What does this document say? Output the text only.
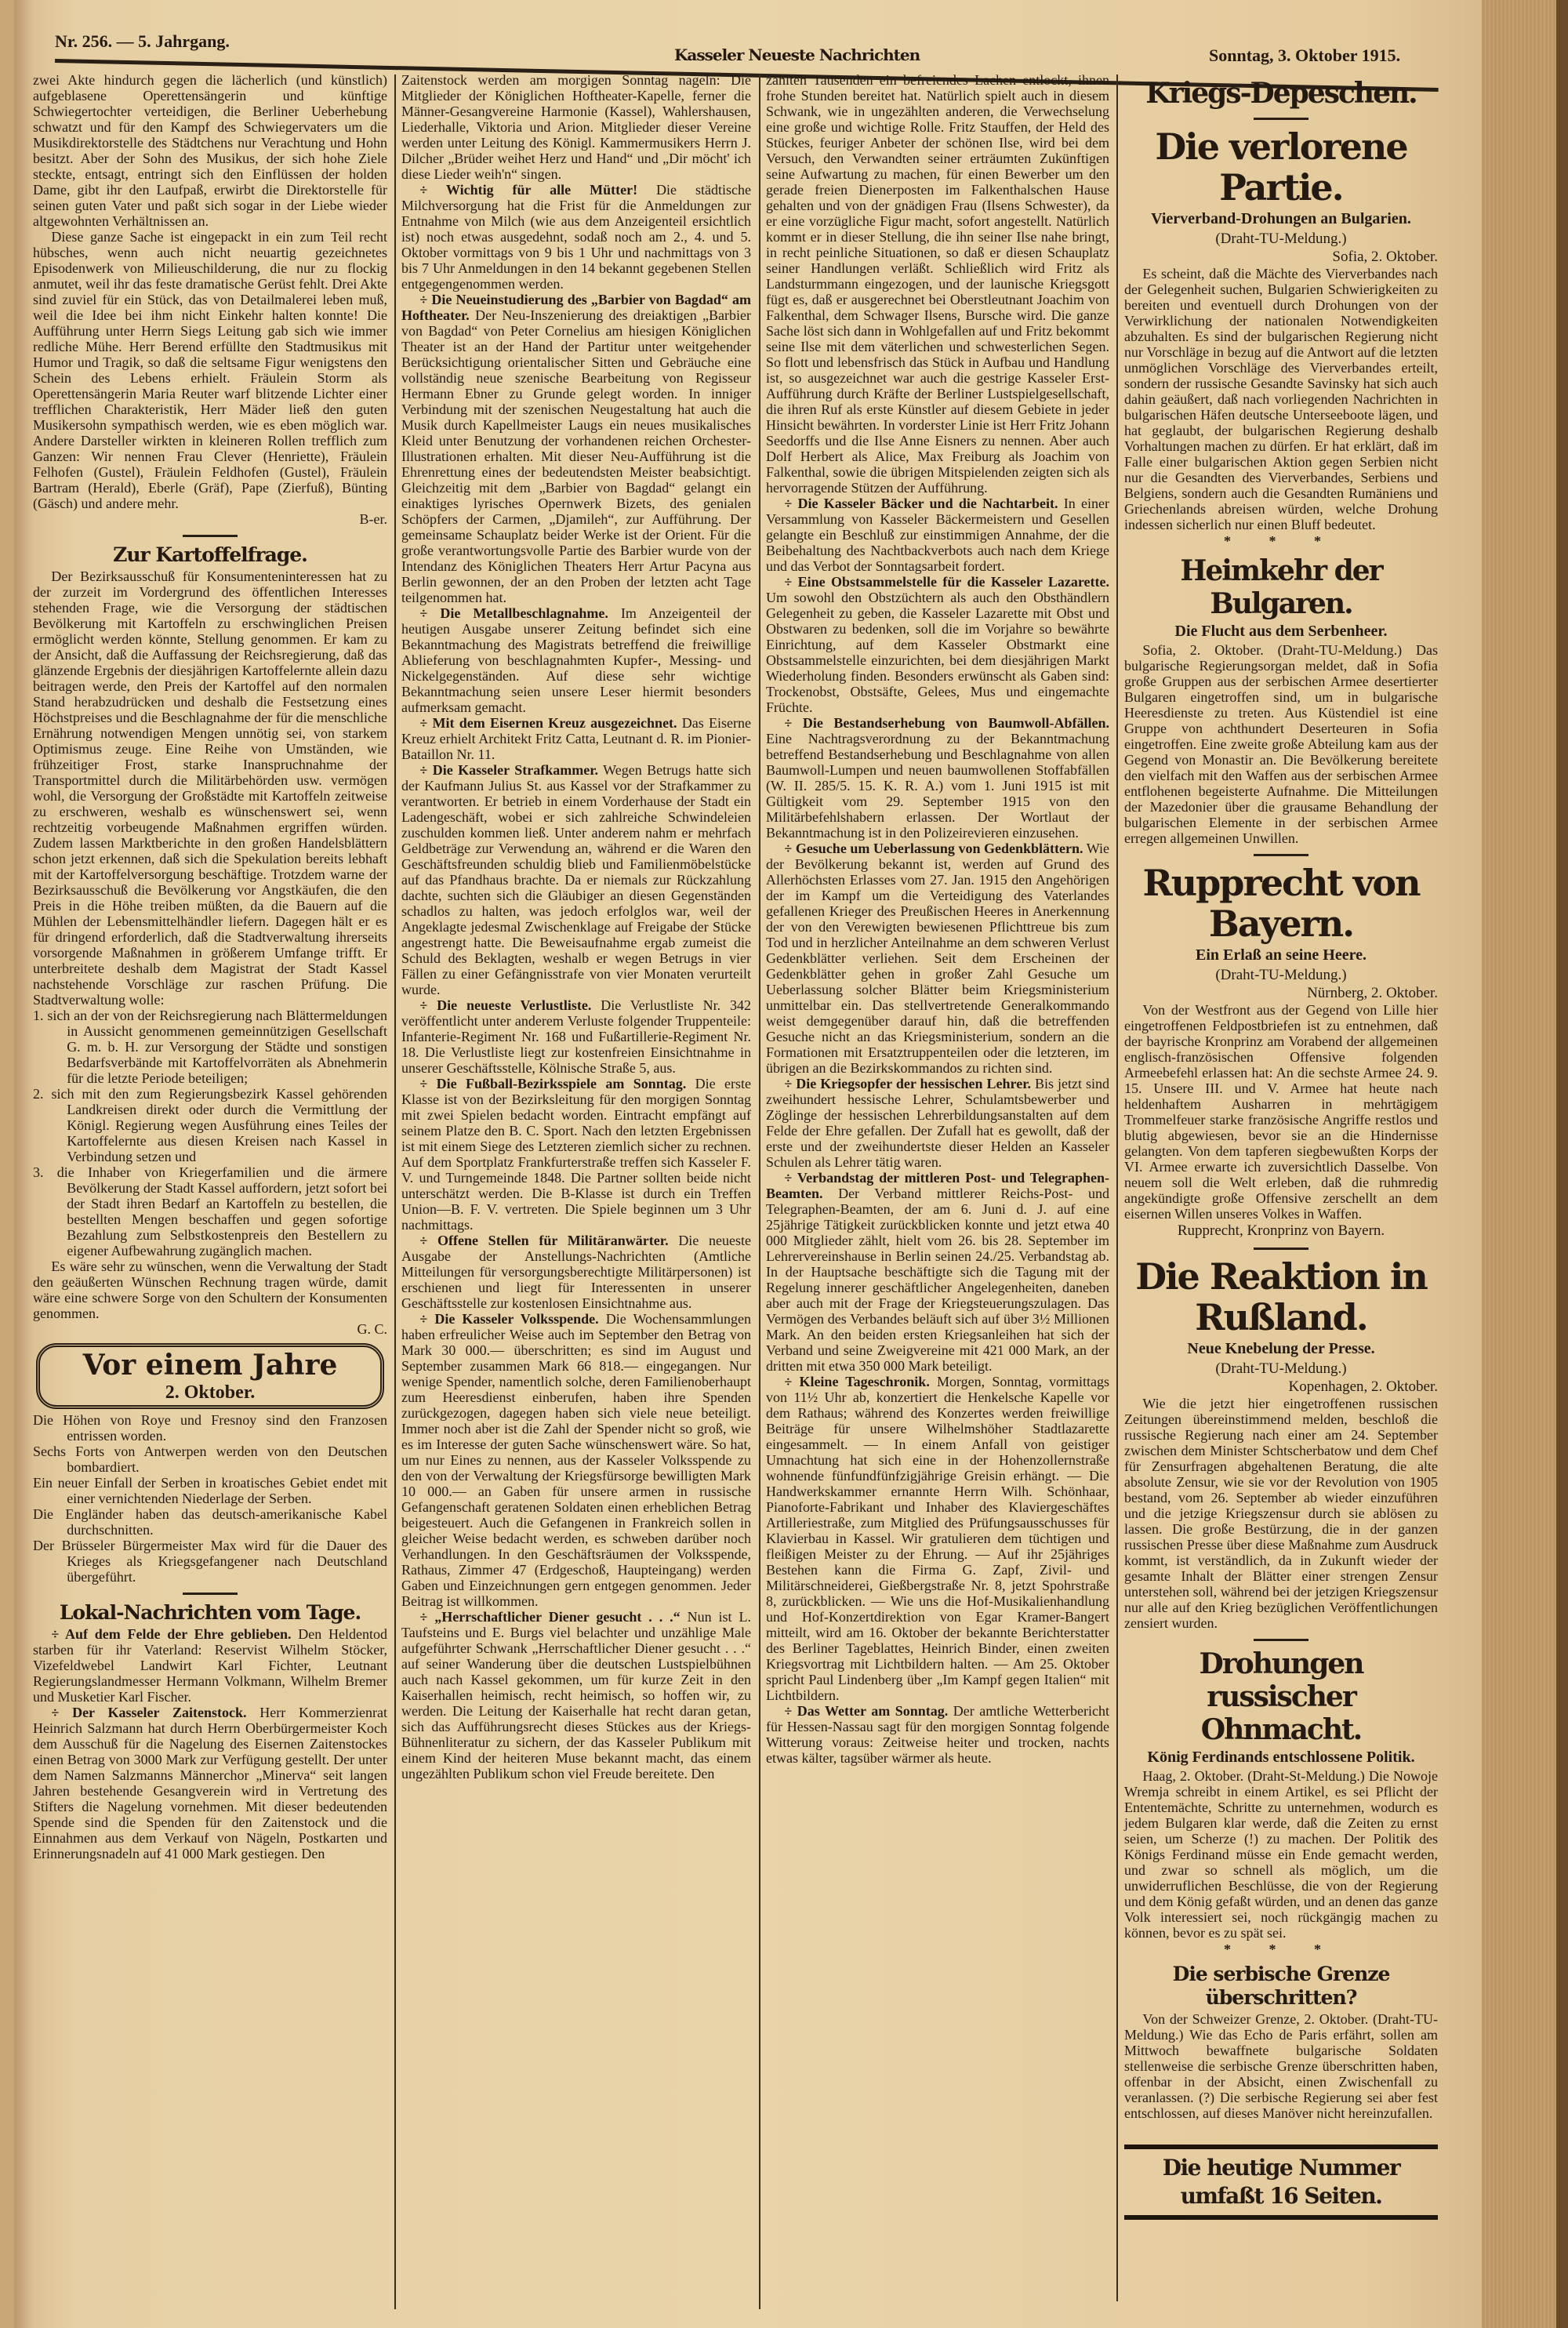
Nr. 256. — 5. Jahrgang.
Kasseler Neueste Nachrichten	Sonntag, 3. Oktober 1915.

zwei Akte hindurch gegen die lächerlich (und künstlich) aufgeblasene Operettensängerin und künftige Schwiegertochter verteidigen, die Berliner Ueberhebung schwatzt und für den Kampf des Schwiegervaters um die Musikdirektorstelle des Städtchens nur Verachtung und Hohn besitzt. Aber der Sohn des Musikus, der sich hohe Ziele steckte, entsagt, entringt sich den Einflüssen der holden Dame, gibt ihr den Laufpaß, erwirbt die Direktorstelle für seinen guten Vater und paßt sich sogar in der Liebe wieder altgewohnten Verhältnissen an.

Diese ganze Sache ist eingepackt in ein zum Teil recht hübsches, wenn auch nicht neuartig gezeichnetes Episodenwerk von Milieuschilderung, die nur zu flockig anmutet, weil ihr das feste dramatische Gerüst fehlt. Drei Akte sind zuviel für ein Stück, das von Detailmalerei leben muß, weil die Idee bei ihm nicht Einkehr halten konnte! Die Aufführung unter Herrn Siegs Leitung gab sich wie immer redliche Mühe. Herr Berend erfüllte den Stadtmusikus mit Humor und Tragik, so daß die seltsame Figur wenigstens den Schein des Lebens erhielt. Fräulein Storm als Operettensängerin Maria Reuter warf blitzende Lichter einer trefflichen Charakteristik, Herr Mäder ließ den guten Musikersohn sympathisch werden, wie es eben möglich war. Andere Darsteller wirkten in kleineren Rollen trefflich zum Ganzen: Wir nennen Frau Clever (Henriette), Fräulein Felhofen (Gustel), Fräulein Feldhofen (Gustel), Fräulein Bartram (Herald), Eberle (Gräf), Pape (Zierfuß), Bünting (Gäsch) und andere mehr.

B-er.
Zur Kartoffelfrage.

Der Bezirksausschuß für Konsumenteninteressen hat zu der zurzeit im Vordergrund des öffentlichen Interesses stehenden Frage, wie die Versorgung der städtischen Bevölkerung mit Kartoffeln zu erschwinglichen Preisen ermöglicht werden könnte, Stellung genommen. Er kam zu der Ansicht, daß die Auffassung der Reichsregierung, daß das glänzende Ergebnis der diesjährigen Kartoffelernte allein dazu beitragen werde, den Preis der Kartoffel auf den normalen Stand herabzudrücken und deshalb die Festsetzung eines Höchstpreises und die Beschlagnahme der für die menschliche Ernährung notwendigen Mengen unnötig sei, von starkem Optimismus zeuge. Eine Reihe von Umständen, wie frühzeitiger Frost, starke Inanspruchnahme der Transportmittel durch die Militärbehörden usw. vermögen wohl, die Versorgung der Großstädte mit Kartoffeln zeitweise zu erschweren, weshalb es wünschenswert sei, wenn rechtzeitig vorbeugende Maßnahmen ergriffen würden. Zudem lassen Marktberichte in den großen Handelsblättern schon jetzt erkennen, daß sich die Spekulation bereits lebhaft mit der Kartoffelversorgung beschäftige. Trotzdem warne der Bezirksausschuß die Bevölkerung vor Angstkäufen, die den Preis in die Höhe treiben müßten, da die Bauern auf die Mühlen der Lebensmittelhändler liefern. Dagegen hält er es für dringend erforderlich, daß die Stadtverwaltung ihrerseits vorsorgende Maßnahmen in größerem Umfange trifft. Er unterbreitete deshalb dem Magistrat der Stadt Kassel nachstehende Vorschläge zur raschen Prüfung. Die Stadtverwaltung wolle:

1. sich an der von der Reichsregierung nach Blättermeldungen in Aussicht genommenen gemeinnützigen Gesellschaft G. m. b. H. zur Versorgung der Städte und sonstigen Bedarfsverbände mit Kartoffelvorräten als Abnehmerin für die letzte Periode beteiligen;

2. sich mit den zum Regierungsbezirk Kassel gehörenden Landkreisen direkt oder durch die Vermittlung der Königl. Regierung wegen Ausführung eines Teiles der Kartoffelernte aus diesen Kreisen nach Kassel in Verbindung setzen und

3. die Inhaber von Kriegerfamilien und die ärmere Bevölkerung der Stadt Kassel auffordern, jetzt sofort bei der Stadt ihren Bedarf an Kartoffeln zu bestellen, die bestellten Mengen beschaffen und gegen sofortige Bezahlung zum Selbstkostenpreis den Bestellern zu eigener Aufbewahrung zugänglich machen.

Es wäre sehr zu wünschen, wenn die Verwaltung der Stadt den geäußerten Wünschen Rechnung tragen würde, damit wäre eine schwere Sorge von den Schultern der Konsumenten genommen.

G. C.
Vor einem Jahre
2. Oktober.

Die Höhen von Roye und Fresnoy sind den Franzosen entrissen worden.

Sechs Forts von Antwerpen werden von den Deutschen bombardiert.

Ein neuer Einfall der Serben in kroatisches Gebiet endet mit einer vernichtenden Niederlage der Serben.

Die Engländer haben das deutsch-amerikanische Kabel durchschnitten.

Der Brüsseler Bürgermeister Max wird für die Dauer des Krieges als Kriegsgefangener nach Deutschland übergeführt.

Lokal-Nachrichten vom Tage.

÷ Auf dem Felde der Ehre geblieben. Den Heldentod starben für ihr Vaterland: Reservist Wilhelm Stöcker, Vizefeldwebel Landwirt Karl Fichter, Leutnant Regierungslandmesser Hermann Volkmann, Wilhelm Bremer und Musketier Karl Fischer.

÷ Der Kasseler Zaitenstock. Herr Kommerzienrat Heinrich Salzmann hat durch Herrn Oberbürgermeister Koch dem Ausschuß für die Nagelung des Eisernen Zaitenstockes einen Betrag von 3000 Mark zur Verfügung gestellt. Der unter dem Namen Salzmanns Männerchor „Minerva“ seit langen Jahren bestehende Gesangverein wird in Vertretung des Stifters die Nagelung vornehmen. Mit dieser bedeutenden Spende sind die Spenden für den Zaitenstock und die Einnahmen aus dem Verkauf von Nägeln, Postkarten und Erinnerungsnadeln auf 41 000 Mark gestiegen. Den

Zaitenstock werden am morgigen Sonntag nageln: Die Mitglieder der Königlichen Hoftheater-Kapelle, ferner die Männer-Gesangvereine Harmonie (Kassel), Wahlershausen, Liederhalle, Viktoria und Arion. Mitglieder dieser Vereine werden unter Leitung des Königl. Kammermusikers Herrn J. Dilcher „Brüder weihet Herz und Hand“ und „Dir möcht' ich diese Lieder weih'n“ singen.

÷ Wichtig für alle Mütter! Die städtische Milchversorgung hat die Frist für die Anmeldungen zur Entnahme von Milch (wie aus dem Anzeigenteil ersichtlich ist) noch etwas ausgedehnt, sodaß noch am 2., 4. und 5. Oktober vormittags von 9 bis 1 Uhr und nachmittags von 3 bis 7 Uhr Anmeldungen in den 14 bekannt gegebenen Stellen entgegengenommen werden.

÷ Die Neueinstudierung des „Barbier von Bagdad“ am Hoftheater. Der Neu-Inszenierung des dreiaktigen „Barbier von Bagdad“ von Peter Cornelius am hiesigen Königlichen Theater ist an der Hand der Partitur unter weitgehender Berücksichtigung orientalischer Sitten und Gebräuche eine vollständig neue szenische Bearbeitung von Regisseur Hermann Ebner zu Grunde gelegt worden. In inniger Verbindung mit der szenischen Neugestaltung hat auch die Musik durch Kapellmeister Laugs ein neues musikalisches Kleid unter Benutzung der vorhandenen reichen Orchester-Illustrationen erhalten. Mit dieser Neu-Aufführung ist die Ehrenrettung eines der bedeutendsten Meister beabsichtigt. Gleichzeitig mit dem „Barbier von Bagdad“ gelangt ein einaktiges lyrisches Opernwerk Bizets, des genialen Schöpfers der Carmen, „Djamileh“, zur Aufführung. Der gemeinsame Schauplatz beider Werke ist der Orient. Für die große verantwortungsvolle Partie des Barbier wurde von der Intendanz des Königlichen Theaters Herr Artur Pacyna aus Berlin gewonnen, der an den Proben der letzten acht Tage teilgenommen hat.

÷ Die Metallbeschlagnahme. Im Anzeigenteil der heutigen Ausgabe unserer Zeitung befindet sich eine Bekanntmachung des Magistrats betreffend die freiwillige Ablieferung von beschlagnahmten Kupfer-, Messing- und Nickelgegenständen. Auf diese sehr wichtige Bekanntmachung seien unsere Leser hiermit besonders aufmerksam gemacht.

÷ Mit dem Eisernen Kreuz ausgezeichnet. Das Eiserne Kreuz erhielt Architekt Fritz Catta, Leutnant d. R. im Pionier-Bataillon Nr. 11.

÷ Die Kasseler Strafkammer. Wegen Betrugs hatte sich der Kaufmann Julius St. aus Kassel vor der Strafkammer zu verantworten. Er betrieb in einem Vorderhause der Stadt ein Ladengeschäft, wobei er sich zahlreiche Schwindeleien zuschulden kommen ließ. Unter anderem nahm er mehrfach Geldbeträge zur Verwendung an, während er die Waren den Geschäftsfreunden schuldig blieb und Familienmöbelstücke auf das Pfandhaus brachte. Da er niemals zur Rückzahlung dachte, suchten sich die Gläubiger an diesen Gegenständen schadlos zu halten, was jedoch erfolglos war, weil der Angeklagte jedesmal Zwischenklage auf Freigabe der Stücke angestrengt hatte. Die Beweisaufnahme ergab zumeist die Schuld des Beklagten, weshalb er wegen Betrugs in vier Fällen zu einer Gefängnisstrafe von vier Monaten verurteilt wurde.

÷ Die neueste Verlustliste. Die Verlustliste Nr. 342 veröffentlicht unter anderem Verluste folgender Truppenteile: Infanterie-Regiment Nr. 168 und Fußartillerie-Regiment Nr. 18. Die Verlustliste liegt zur kostenfreien Einsichtnahme in unserer Geschäftsstelle, Kölnische Straße 5, aus.

÷ Die Fußball-Bezirksspiele am Sonntag. Die erste Klasse ist von der Bezirksleitung für den morgigen Sonntag mit zwei Spielen bedacht worden. Eintracht empfängt auf seinem Platze den B. C. Sport. Nach den letzten Ergebnissen ist mit einem Siege des Letzteren ziemlich sicher zu rechnen. Auf dem Sportplatz Frankfurterstraße treffen sich Kasseler F. V. und Turngemeinde 1848. Die Partner sollten beide nicht unterschätzt werden. Die B-Klasse ist durch ein Treffen Union—B. F. V. vertreten. Die Spiele beginnen um 3 Uhr nachmittags.

÷ Offene Stellen für Militäranwärter. Die neueste Ausgabe der Anstellungs-Nachrichten (Amtliche Mitteilungen für versorgungsberechtigte Militärpersonen) ist erschienen und liegt für Interessenten in unserer Geschäftsstelle zur kostenlosen Einsichtnahme aus.

÷ Die Kasseler Volksspende. Die Wochensammlungen haben erfreulicher Weise auch im September den Betrag von Mark 30 000.— überschritten; es sind im August und September zusammen Mark 66 818.— eingegangen. Nur wenige Spender, namentlich solche, deren Familienoberhaupt zum Heeresdienst einberufen, haben ihre Spenden zurückgezogen, dagegen haben sich viele neue beteiligt. Immer noch aber ist die Zahl der Spender nicht so groß, wie es im Interesse der guten Sache wünschenswert wäre. So hat, um nur Eines zu nennen, aus der Kasseler Volksspende zu den von der Verwaltung der Kriegsfürsorge bewilligten Mark 10 000.— an Gaben für unsere armen in russische Gefangenschaft geratenen Soldaten einen erheblichen Betrag beigesteuert. Auch die Gefangenen in Frankreich sollen in gleicher Weise bedacht werden, es schweben darüber noch Verhandlungen. In den Geschäftsräumen der Volksspende, Rathaus, Zimmer 47 (Erdgeschoß, Haupteingang) werden Gaben und Einzeichnungen gern entgegen genommen. Jeder Beitrag ist willkommen.

÷ „Herrschaftlicher Diener gesucht . . .“ Nun ist L. Taufsteins und E. Burgs viel belachter und unzählige Male aufgeführter Schwank „Herrschaftlicher Diener gesucht . . .“ auf seiner Wanderung über die deutschen Lustspielbühnen auch nach Kassel gekommen, um für kurze Zeit in den Kaiserhallen heimisch, recht heimisch, so hoffen wir, zu werden. Die Leitung der Kaiserhalle hat recht daran getan, sich das Aufführungsrecht dieses Stückes aus der Kriegs-Bühnenliteratur zu sichern, der das Kasseler Publikum mit einem Kind der heiteren Muse bekannt macht, das einem ungezählten Publikum schon viel Freude bereitete. Den

zählten Tausenden ein befreiendes Lachen entlockt, ihnen frohe Stunden bereitet hat. Natürlich spielt auch in diesem Schwank, wie in ungezählten anderen, die Verwechselung eine große und wichtige Rolle. Fritz Stauffen, der Held des Stückes, feuriger Anbeter der schönen Ilse, wird bei dem Versuch, den Verwandten seiner erträumten Zukünftigen seine Aufwartung zu machen, für einen Bewerber um den gerade freien Dienerposten im Falkenthalschen Hause gehalten und von der gnädigen Frau (Ilsens Schwester), da er eine vorzügliche Figur macht, sofort angestellt. Natürlich kommt er in dieser Stellung, die ihn seiner Ilse nahe bringt, in recht peinliche Situationen, so daß er diesen Schauplatz seiner Handlungen verläßt. Schließlich wird Fritz als Landsturmmann eingezogen, und der launische Kriegsgott fügt es, daß er ausgerechnet bei Oberstleutnant Joachim von Falkenthal, dem Schwager Ilsens, Bursche wird. Die ganze Sache löst sich dann in Wohlgefallen auf und Fritz bekommt seine Ilse mit dem väterlichen und schwesterlichen Segen. So flott und lebensfrisch das Stück in Aufbau und Handlung ist, so ausgezeichnet war auch die gestrige Kasseler Erst-Aufführung durch Kräfte der Berliner Lustspielgesellschaft, die ihren Ruf als erste Künstler auf diesem Gebiete in jeder Hinsicht bewährten. In vorderster Linie ist Herr Fritz Johann Seedorffs und die Ilse Anne Eisners zu nennen. Aber auch Dolf Herbert als Alice, Max Freiburg als Joachim von Falkenthal, sowie die übrigen Mitspielenden zeigten sich als hervorragende Stützen der Aufführung.

÷ Die Kasseler Bäcker und die Nachtarbeit. In einer Versammlung von Kasseler Bäckermeistern und Gesellen gelangte ein Beschluß zur einstimmigen Annahme, der die Beibehaltung des Nachtbackverbots auch nach dem Kriege und das Verbot der Sonntagsarbeit fordert.

÷ Eine Obstsammelstelle für die Kasseler Lazarette. Um sowohl den Obstzüchtern als auch den Obsthändlern Gelegenheit zu geben, die Kasseler Lazarette mit Obst und Obstwaren zu bedenken, soll die im Vorjahre so bewährte Einrichtung, auf dem Kasseler Obstmarkt eine Obstsammelstelle einzurichten, bei dem diesjährigen Markt Wiederholung finden. Besonders erwünscht als Gaben sind: Trockenobst, Obstsäfte, Gelees, Mus und eingemachte Früchte.

÷ Die Bestandserhebung von Baumwoll-Abfällen. Eine Nachtragsverordnung zu der Bekanntmachung betreffend Bestandserhebung und Beschlagnahme von allen Baumwoll-Lumpen und neuen baumwollenen Stoffabfällen (W. II. 285/5. 15. K. R. A.) vom 1. Juni 1915 ist mit Gültigkeit vom 29. September 1915 von den Militärbefehlshabern erlassen. Der Wortlaut der Bekanntmachung ist in den Polizeirevieren einzusehen.

÷ Gesuche um Ueberlassung von Gedenkblättern. Wie der Bevölkerung bekannt ist, werden auf Grund des Allerhöchsten Erlasses vom 27. Jan. 1915 den Angehörigen der im Kampf um die Verteidigung des Vaterlandes gefallenen Krieger des Preußischen Heeres in Anerkennung der von den Verewigten bewiesenen Pflichttreue bis zum Tod und in herzlicher Anteilnahme an dem schweren Verlust Gedenkblätter verliehen. Seit dem Erscheinen der Gedenkblätter gehen in großer Zahl Gesuche um Ueberlassung solcher Blätter beim Kriegsministerium unmittelbar ein. Das stellvertretende Generalkommando weist demgegenüber darauf hin, daß die betreffenden Gesuche nicht an das Kriegsministerium, sondern an die Formationen mit Ersatztruppenteilen oder die letzteren, im übrigen an die Bezirkskommandos zu richten sind.

÷ Die Kriegsopfer der hessischen Lehrer. Bis jetzt sind zweihundert hessische Lehrer, Schulamtsbewerber und Zöglinge der hessischen Lehrerbildungsanstalten auf dem Felde der Ehre gefallen. Der Zufall hat es gewollt, daß der erste und der zweihundertste dieser Helden an Kasseler Schulen als Lehrer tätig waren.

÷ Verbandstag der mittleren Post- und Telegraphen-Beamten. Der Verband mittlerer Reichs-Post- und Telegraphen-Beamten, der am 6. Juni d. J. auf eine 25jährige Tätigkeit zurückblicken konnte und jetzt etwa 40 000 Mitglieder zählt, hielt vom 26. bis 28. September im Lehrervereinshause in Berlin seinen 24./25. Verbandstag ab. In der Hauptsache beschäftigte sich die Tagung mit der Regelung innerer geschäftlicher Angelegenheiten, daneben aber auch mit der Frage der Kriegsteuerungszulagen. Das Vermögen des Verbandes beläuft sich auf über 3½ Millionen Mark. An den beiden ersten Kriegsanleihen hat sich der Verband und seine Zweigvereine mit 421 000 Mark, an der dritten mit etwa 350 000 Mark beteiligt.

÷ Kleine Tageschronik. Morgen, Sonntag, vormittags von 11½ Uhr ab, konzertiert die Henkelsche Kapelle vor dem Rathaus; während des Konzertes werden freiwillige Beiträge für unsere Wilhelmshöher Stadtlazarette eingesammelt. — In einem Anfall von geistiger Umnachtung hat sich eine in der Hohenzollernstraße wohnende fünfundfünfzigjährige Greisin erhängt. — Die Handwerkskammer ernannte Herrn Wilh. Schönhaar, Pianoforte-Fabrikant und Inhaber des Klaviergeschäftes Artilleriestraße, zum Mitglied des Prüfungsausschusses für Klavierbau in Kassel. Wir gratulieren dem tüchtigen und fleißigen Meister zu der Ehrung. — Auf ihr 25jähriges Bestehen kann die Firma G. Zapf, Zivil- und Militärschneiderei, Gießbergstraße Nr. 8, jetzt Spohrstraße 8, zurückblicken. — Wie uns die Hof-Musikalienhandlung und Hof-Konzertdirektion von Egar Kramer-Bangert mitteilt, wird am 16. Oktober der bekannte Berichterstatter des Berliner Tageblattes, Heinrich Binder, einen zweiten Kriegsvortrag mit Lichtbildern halten. — Am 25. Oktober spricht Paul Lindenberg über „Im Kampf gegen Italien“ mit Lichtbildern.

÷ Das Wetter am Sonntag. Der amtliche Wetterbericht für Hessen-Nassau sagt für den morgigen Sonntag folgende Witterung voraus: Zeitweise heiter und trocken, nachts etwas kälter, tagsüber wärmer als heute.

Kriegs-Depeschen.
Die verlorene Partie.
Vierverband-Drohungen an Bulgarien.
(Draht-TU-Meldung.)
Sofia, 2. Oktober.

Es scheint, daß die Mächte des Vierverbandes nach der Gelegenheit suchen, Bulgarien Schwierigkeiten zu bereiten und eventuell durch Drohungen von der Verwirklichung der nationalen Notwendigkeiten abzuhalten. Es sind der bulgarischen Regierung nicht nur Vorschläge in bezug auf die Antwort auf die letzten unmöglichen Vorschläge des Vierverbandes erteilt, sondern der russische Gesandte Savinsky hat sich auch dahin geäußert, daß nach vorliegenden Nachrichten in bulgarischen Häfen deutsche Unterseeboote lägen, und hat geglaubt, der bulgarischen Regierung deshalb Vorhaltungen machen zu dürfen. Er hat erklärt, daß im Falle einer bulgarischen Aktion gegen Serbien nicht nur die Gesandten des Vierverbandes, Serbiens und Belgiens, sondern auch die Gesandten Rumäniens und Griechenlands abreisen würden, welche Drohung indessen sicherlich nur einen Bluff bedeutet.

* * *
Heimkehr der Bulgaren.
Die Flucht aus dem Serbenheer.

Sofia, 2. Oktober. (Draht-TU-Meldung.) Das bulgarische Regierungsorgan meldet, daß in Sofia große Gruppen aus der serbischen Armee desertierter Bulgaren eingetroffen sind, um in bulgarische Heeresdienste zu treten. Aus Küstendiel ist eine Gruppe von achthundert Deserteuren in Sofia eingetroffen. Eine zweite große Abteilung kam aus der Gegend von Monastir an. Die Bevölkerung bereitete den vielfach mit den Waffen aus der serbischen Armee entflohenen begeisterte Aufnahme. Die Mitteilungen der Mazedonier über die grausame Behandlung der bulgarischen Elemente in der serbischen Armee erregen allgemeinen Unwillen.

Rupprecht von Bayern.
Ein Erlaß an seine Heere.
(Draht-TU-Meldung.)
Nürnberg, 2. Oktober.

Von der Westfront aus der Gegend von Lille hier eingetroffenen Feldpostbriefen ist zu entnehmen, daß der bayrische Kronprinz am Vorabend der allgemeinen englisch-französischen Offensive folgenden Armeebefehl erlassen hat: An die sechste Armee 24. 9. 15. Unsere III. und V. Armee hat heute nach heldenhaftem Ausharren in mehrtägigem Trommelfeuer starke französische Angriffe restlos und blutig abgewiesen, bevor sie an die Hindernisse gelangten. Von dem tapferen siegbewußten Korps der VI. Armee erwarte ich zuversichtlich Dasselbe. Von neuem soll die Welt erleben, daß die ruhmredig angekündigte große Offensive zerschellt an dem eisernen Willen unseres Volkes in Waffen.

Rupprecht, Kronprinz von Bayern.
Die Reaktion in Rußland.
Neue Knebelung der Presse.
(Draht-TU-Meldung.)
Kopenhagen, 2. Oktober.

Wie die jetzt hier eingetroffenen russischen Zeitungen übereinstimmend melden, beschloß die russische Regierung nach einer am 24. September zwischen dem Minister Schtscherbatow und dem Chef für Zensurfragen abgehaltenen Beratung, die alte absolute Zensur, wie sie vor der Revolution von 1905 bestand, vom 26. September ab wieder einzuführen und die jetzige Kriegszensur durch sie ablösen zu lassen. Die große Bestürzung, die in der ganzen russischen Presse über diese Maßnahme zum Ausdruck kommt, ist verständlich, da in Zukunft wieder der gesamte Inhalt der Blätter einer strengen Zensur unterstehen soll, während bei der jetzigen Kriegszensur nur alle auf den Krieg bezüglichen Veröffentlichungen zensiert wurden.

Drohungen russischer Ohnmacht.
König Ferdinands entschlossene Politik.

Haag, 2. Oktober. (Draht-St-Meldung.) Die Nowoje Wremja schreibt in einem Artikel, es sei Pflicht der Ententemächte, Schritte zu unternehmen, wodurch es jedem Bulgaren klar werde, daß die Zeiten zu ernst seien, um Scherze (!) zu machen. Der Politik des Königs Ferdinand müsse ein Ende gemacht werden, und zwar so schnell als möglich, um die unwiderruflichen Beschlüsse, die von der Regierung und dem König gefaßt würden, und an denen das ganze Volk interessiert sei, noch rückgängig machen zu können, bevor es zu spät sei.

* * *
Die serbische Grenze überschritten?

Von der Schweizer Grenze, 2. Oktober. (Draht-TU-Meldung.) Wie das Echo de Paris erfährt, sollen am Mittwoch bewaffnete bulgarische Soldaten stellenweise die serbische Grenze überschritten haben, offenbar in der Absicht, einen Zwischenfall zu veranlassen. (?) Die serbische Regierung sei aber fest entschlossen, auf dieses Manöver nicht hereinzufallen.

Die heutige Nummer umfaßt 16 Seiten.
